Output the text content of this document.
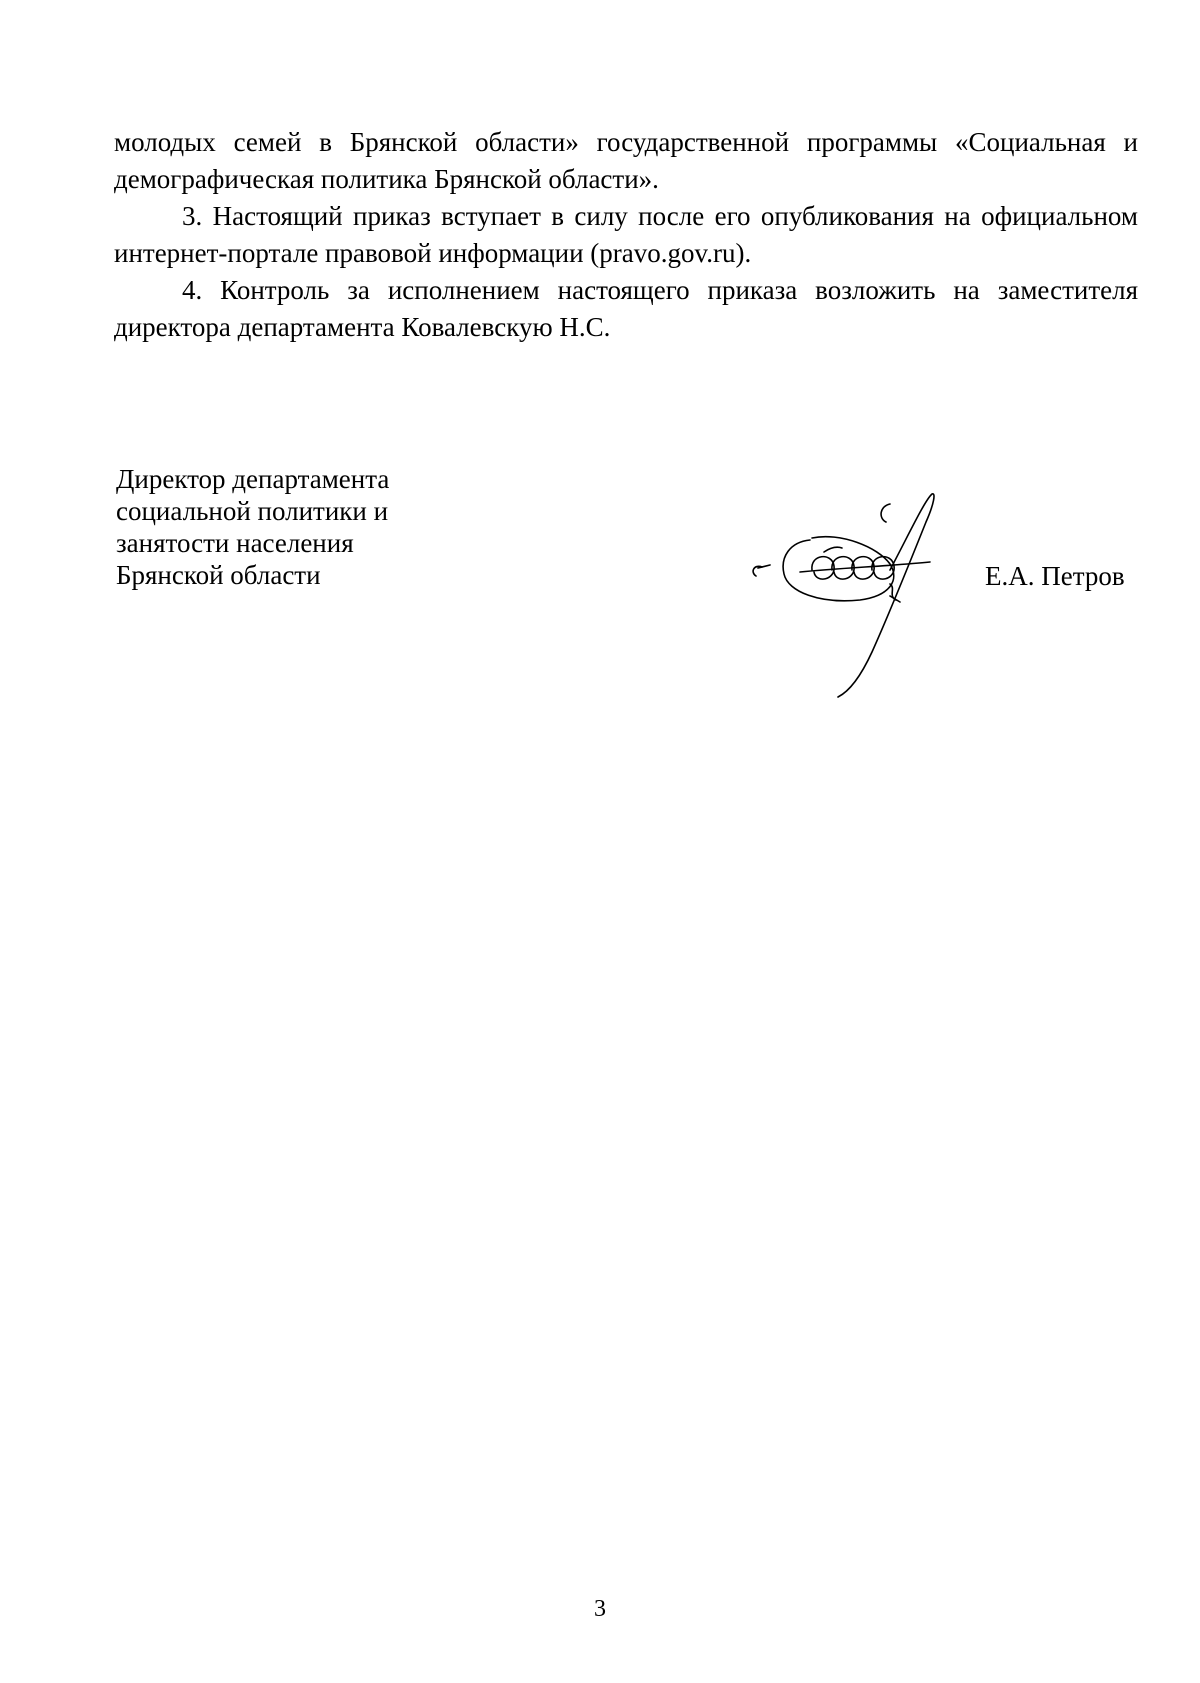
молодых семей в Брянской области» государственной программы «Социальная и демографическая политика Брянской области».

3. Настоящий приказ вступает в силу после его опубликования на официальном интернет-портале правовой информации (pravo.gov.ru).

4. Контроль за исполнением настоящего приказа возложить на заместителя директора департамента Ковалевскую Н.С.

Директор департамента
социальной политики и
занятости населения
Брянской области	Е.А. Петров
3
